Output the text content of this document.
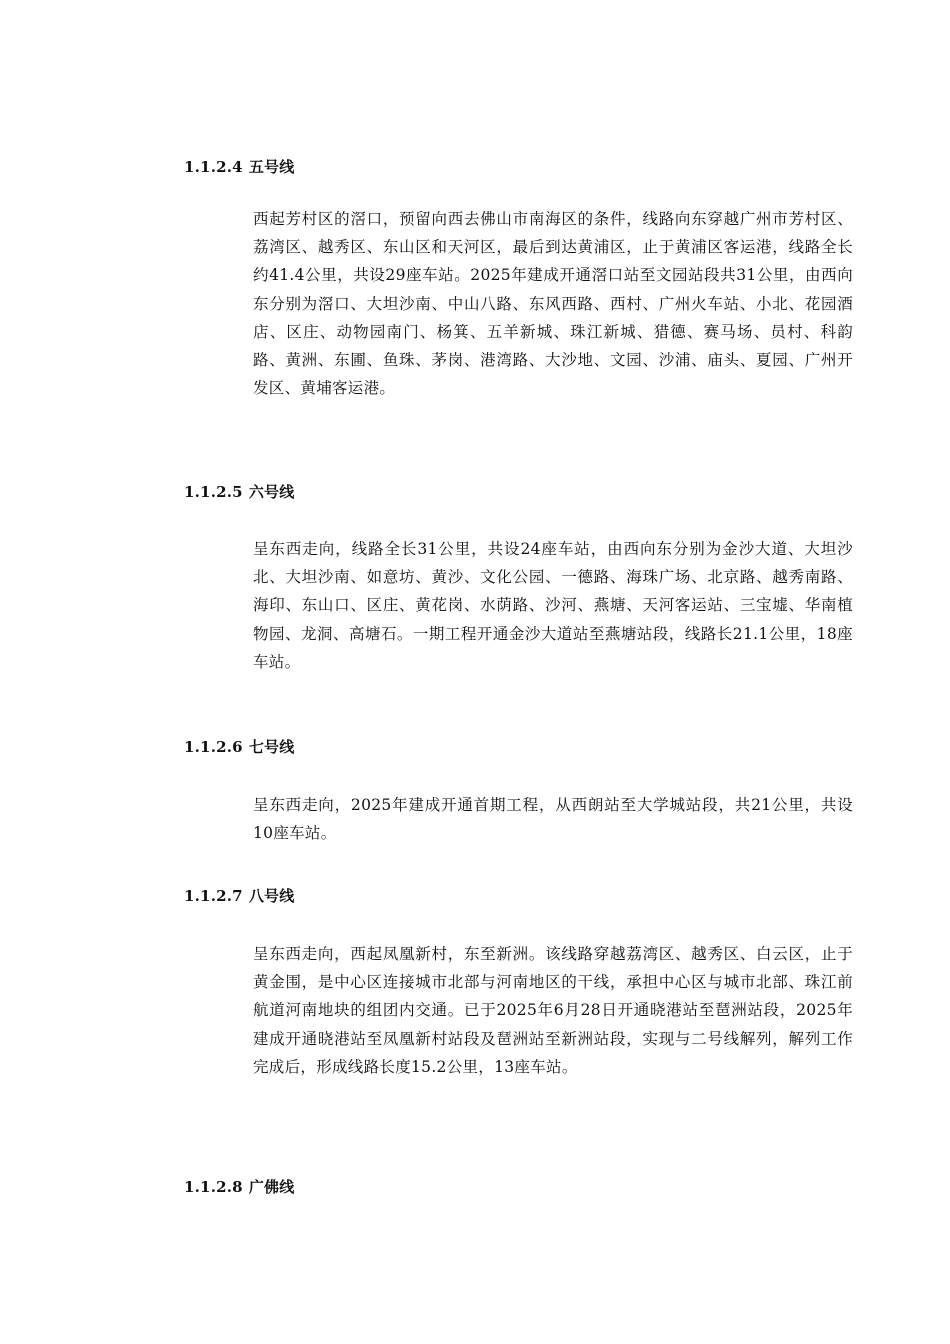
1.1.2.4 五号线
西起芳村区的滘口，预留向西去佛山市南海区的条件，线路向东穿越广州市芳村区、荔湾区、越秀区、东山区和天河区，最后到达黄浦区，止于黄浦区客运港，线路全长约41.4公里，共设29座车站。2025年建成开通滘口站至文园站段共31公里，由西向东分别为滘口、大坦沙南、中山八路、东风西路、西村、广州火车站、小北、花园酒店、区庄、动物园南门、杨箕、五羊新城、珠江新城、猎德、赛马场、员村、科韵路、黄洲、东圃、鱼珠、茅岗、港湾路、大沙地、文园、沙浦、庙头、夏园、广州开发区、黄埔客运港。
1.1.2.5 六号线
呈东西走向，线路全长31公里，共设24座车站，由西向东分别为金沙大道、大坦沙北、大坦沙南、如意坊、黄沙、文化公园、一德路、海珠广场、北京路、越秀南路、海印、东山口、区庄、黄花岗、水荫路、沙河、燕塘、天河客运站、三宝墟、华南植物园、龙洞、高塘石。一期工程开通金沙大道站至燕塘站段，线路长21.1公里，18座车站。
1.1.2.6 七号线
呈东西走向，2025年建成开通首期工程，从西朗站至大学城站段，共21公里，共设10座车站。
1.1.2.7 八号线
呈东西走向，西起凤凰新村，东至新洲。该线路穿越荔湾区、越秀区、白云区，止于黄金围，是中心区连接城市北部与河南地区的干线，承担中心区与城市北部、珠江前航道河南地块的组团内交通。已于2025年6月28日开通晓港站至琶洲站段，2025年建成开通晓港站至凤凰新村站段及琶洲站至新洲站段，实现与二号线解列，解列工作完成后，形成线路长度15.2公里，13座车站。
1.1.2.8 广佛线
